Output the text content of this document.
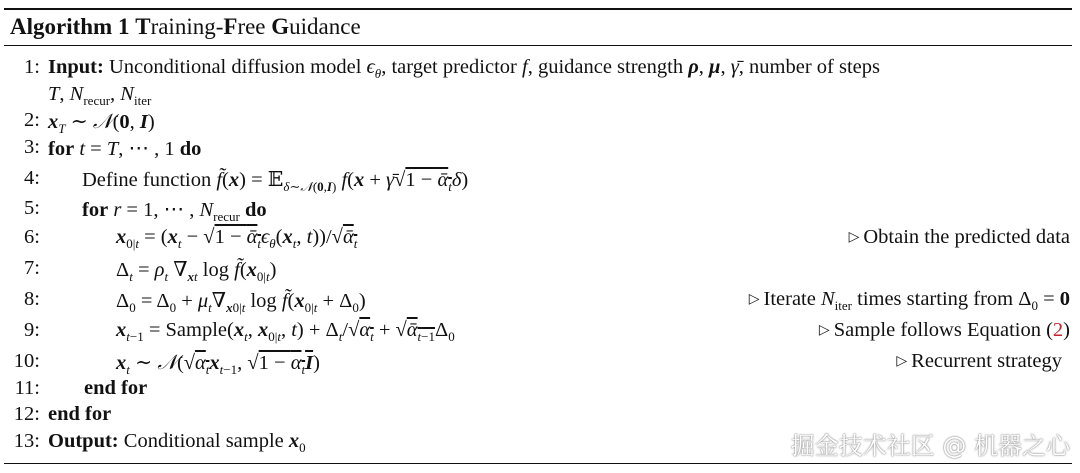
Algorithm 1 Training-Free Guidance
1: Input: Unconditional diffusion model $\epsilon_\theta$, target predictor f, guidance strength ρ, μ, γ̄, number of steps
T, $N_{recur}$, $N_{iter}$
2: $x_T$ ∼ 𝒩(0, I)
3: for t = T, ⋯ , 1 do
4: Define function f̃(x) = 𝔼$_{\delta\sim 𝒩(0,I)}$ f(x + γ̄√1 − ᾱ$_t$δ)
5: for r = 1, ⋯ , $N_{recur}$ do
6:	$x_{0|t} = (x_t - √1$ − $ᾱ_t\epsilon_\theta(x_t$, t))/√ᾱ$_t$	▷ Obtain the predicted data
7:	$\Delta_t = \rho_t$ $\nabla_{xt}$ $\log f̃(x_{0|t})$
8:	$\Delta_0 = \Delta_0 + \mu_t\nabla_{x0|t}$ $\log f̃(x_{0|t} + \Delta_0)$	▷ Iterate $N_{iter}$ times starting from $\Delta_0 = 0$
9:	$x_{t-1}$ = $Sample(x_t$, $x_{0|t}$, $t) + \Delta_t/√\alpha_t$ + $√ᾱ_{t-1}\Delta_0$	▷ Sample follows Equation (2)
10:	$x_t$ ∼ $𝒩(√\alpha_tx_{t-1}$, $√1 - \alpha_tI$)	▷ Recurrent strategy
11: end for
12: end for
13: Output: Conditional sample $x_0$	掘金技术社区 @ 机器之心
